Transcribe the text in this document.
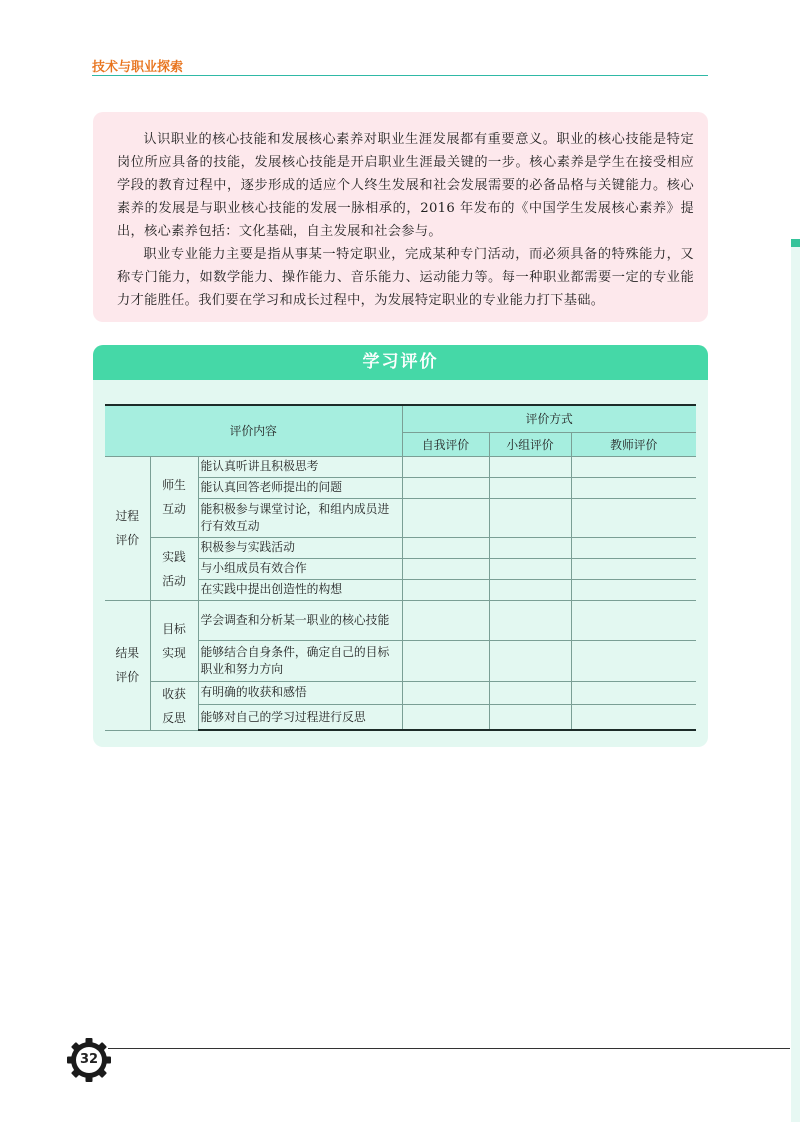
技术与职业探索

认识职业的核心技能和发展核心素养对职业生涯发展都有重要意义。职业的核心技能是特定岗位所应具备的技能，发展核心技能是开启职业生涯最关键的一步。核心素养是学生在接受相应学段的教育过程中，逐步形成的适应个人终生发展和社会发展需要的必备品格与关键能力。核心素养的发展是与职业核心技能的发展一脉相承的，2016 年发布的《中国学生发展核心素养》提出，核心素养包括：文化基础，自主发展和社会参与。

职业专业能力主要是指从事某一特定职业，完成某种专门活动，而必须具备的特殊能力，又称专门能力，如数学能力、操作能力、音乐能力、运动能力等。每一种职业都需要一定的专业能力才能胜任。我们要在学习和成长过程中，为发展特定职业的专业能力打下基础。

学习评价
评价内容			评价方式		
			自我评价	小组评价	教师评价

过程评价	师生互动	能认真听讲且积极思考			
		能认真回答老师提出的问题			
		能积极参与课堂讨论，和组内成员进行有效互动			

	实践活动	积极参与实践活动			
		与小组成员有效合作			
		在实践中提出创造性的构想			

结果评价	目标实现	学会调查和分析某一职业的核心技能			
		能够结合自身条件，确定自己的目标职业和努力方向			

	收获反思	有明确的收获和感悟			
		能够对自己的学习过程进行反思			
32
